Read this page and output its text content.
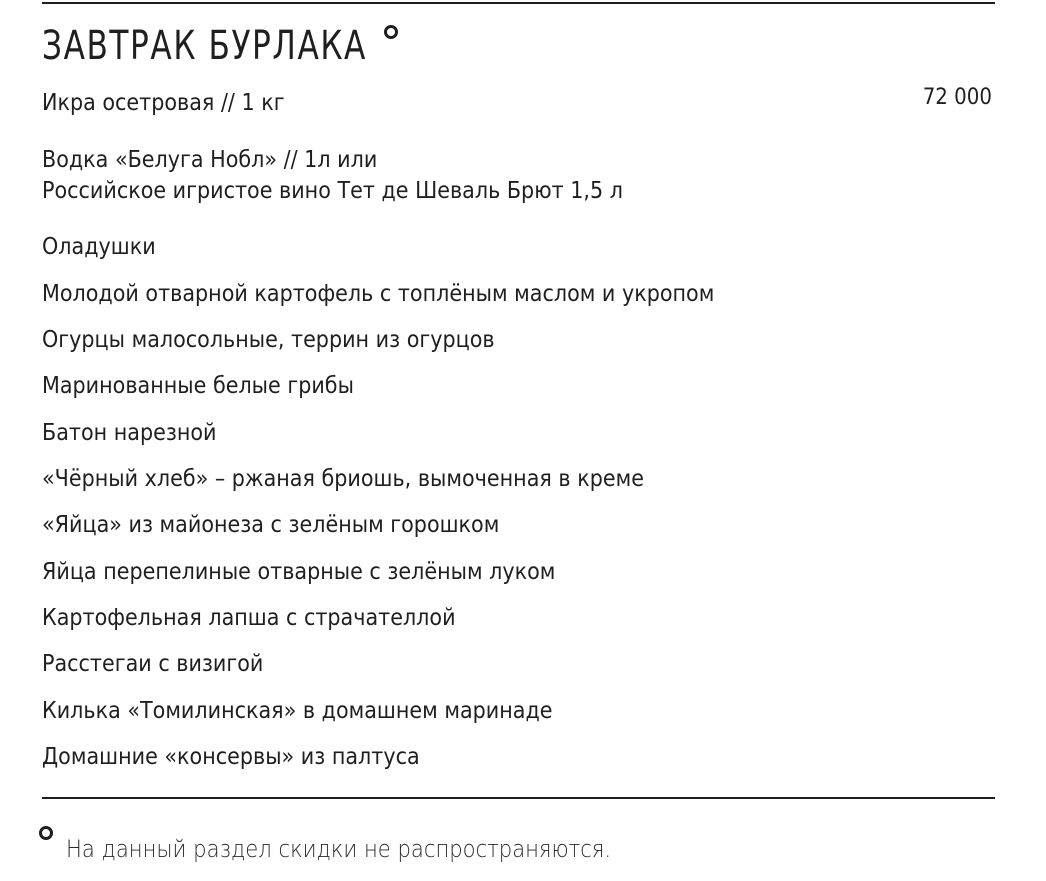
ЗАВТРАК БУРЛАКА
72 000
Икра осетровая // 1 кг
Водка «Белуга Нобл» // 1л или
Российское игристое вино Тет де Шеваль Брют 1,5 л
Оладушки
Молодой отварной картофель с топлёным маслом и укропом
Огурцы малосольные, террин из огурцов
Маринованные белые грибы
Батон нарезной
«Чёрный хлеб» – ржаная бриошь, вымоченная в креме
«Яйца» из майонеза с зелёным горошком
Яйца перепелиные отварные с зелёным луком
Картофельная лапша с страчателлой
Расстегаи с визигой
Килька «Томилинская» в домашнем маринаде
Домашние «консервы» из палтуса
На данный раздел скидки не распространяются.
